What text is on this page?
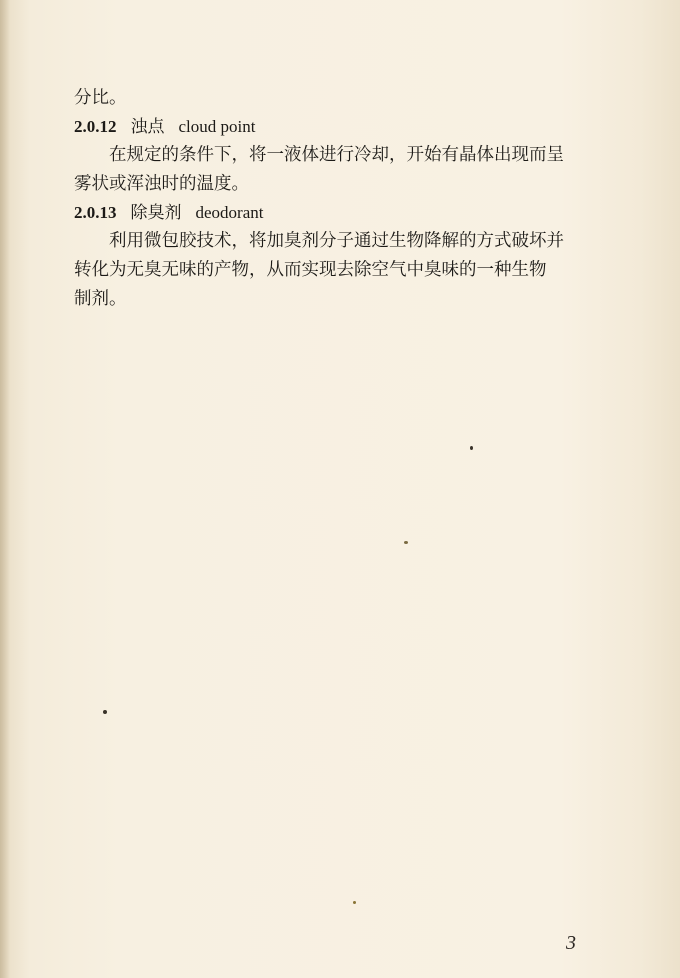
分比。
2.0.12 浊点 cloud point
在规定的条件下，将一液体进行冷却，开始有晶体出现而呈
雾状或浑浊时的温度。
2.0.13 除臭剂 deodorant
利用微包胶技术，将加臭剂分子通过生物降解的方式破坏并
转化为无臭无味的产物，从而实现去除空气中臭味的一种生物
制剂。
3
